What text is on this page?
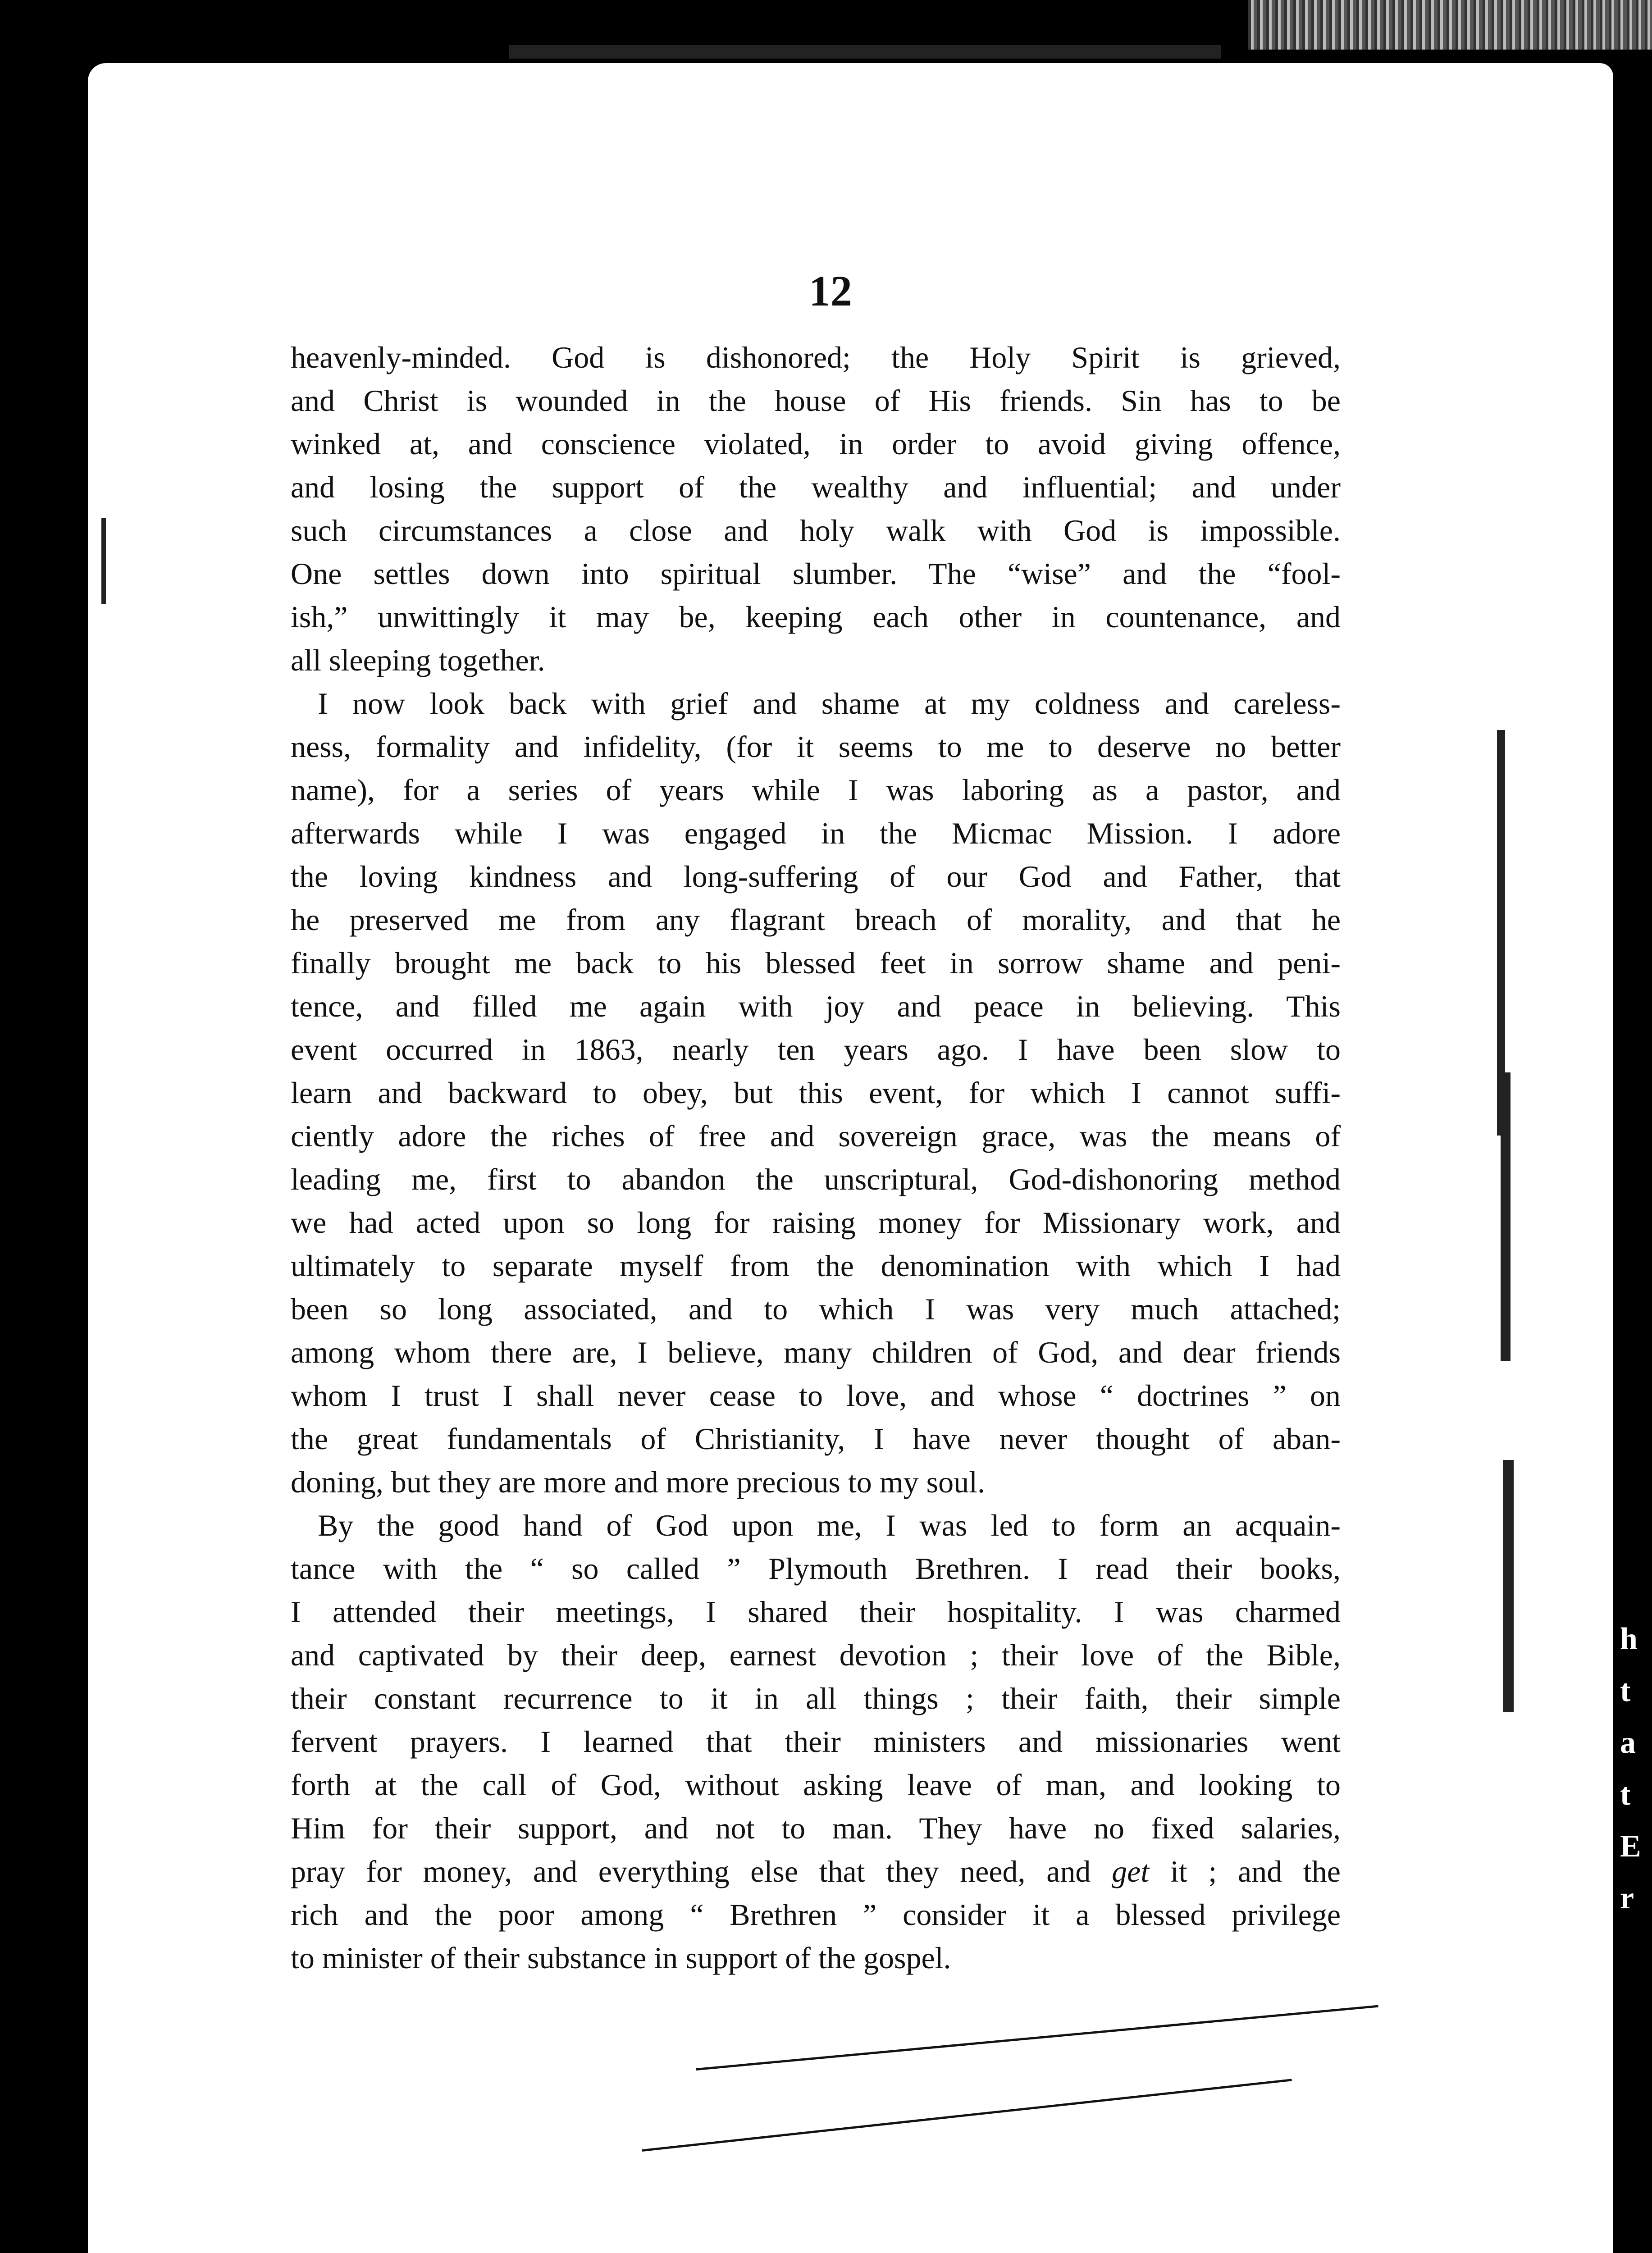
12
heavenly-minded. God is dishonored; the Holy Spirit is grieved,
and Christ is wounded in the house of His friends. Sin has to be
winked at, and conscience violated, in order to avoid giving offence,
and losing the support of the wealthy and influential; and under
such circumstances a close and holy walk with God is impossible.
One settles down into spiritual slumber. The “wise” and the “fool-
ish,” unwittingly it may be, keeping each other in countenance, and
all sleeping together.
I now look back with grief and shame at my coldness and careless-
ness, formality and infidelity, (for it seems to me to deserve no better
name), for a series of years while I was laboring as a pastor, and
afterwards while I was engaged in the Micmac Mission. I adore
the loving kindness and long-suffering of our God and Father, that
he preserved me from any flagrant breach of morality, and that he
finally brought me back to his blessed feet in sorrow shame and peni-
tence, and filled me again with joy and peace in believing. This
event occurred in 1863, nearly ten years ago. I have been slow to
learn and backward to obey, but this event, for which I cannot suffi-
ciently adore the riches of free and sovereign grace, was the means of
leading me, first to abandon the unscriptural, God-dishonoring method
we had acted upon so long for raising money for Missionary work, and
ultimately to separate myself from the denomination with which I had
been so long associated, and to which I was very much attached;
among whom there are, I believe, many children of God, and dear friends
whom I trust I shall never cease to love, and whose “ doctrines ” on
the great fundamentals of Christianity, I have never thought of aban-
doning, but they are more and more precious to my soul.
By the good hand of God upon me, I was led to form an acquain-
tance with the “ so called ” Plymouth Brethren. I read their books,
I attended their meetings, I shared their hospitality. I was charmed
and captivated by their deep, earnest devotion ; their love of the Bible,
their constant recurrence to it in all things ; their faith, their simple
fervent prayers. I learned that their ministers and missionaries went
forth at the call of God, without asking leave of man, and looking to
Him for their support, and not to man. They have no fixed salaries,
pray for money, and everything else that they need, and get it ; and the
rich and the poor among “ Brethren ” consider it a blessed privilege
to minister of their substance in support of the gospel.
h
t
a
t
E
r
